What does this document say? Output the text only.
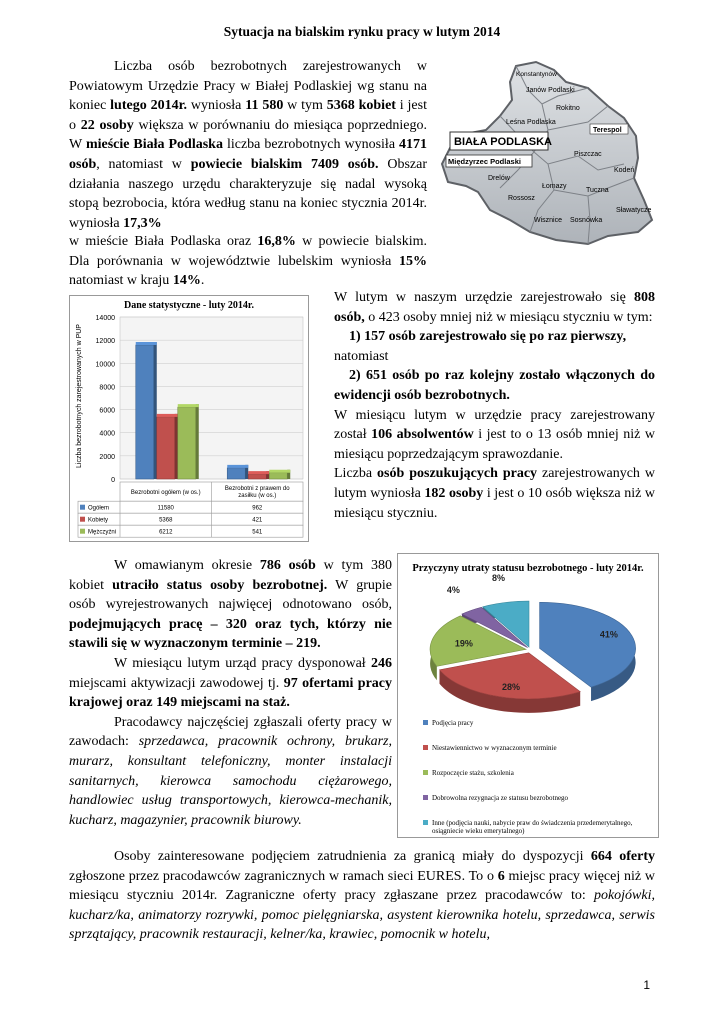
Sytuacja na bialskim rynku pracy w lutym 2014

Liczba osób bezrobotnych zarejestrowanych w Powiatowym Urzędzie Pracy w Białej Podlaskiej wg stanu na koniec lutego 2014r. wyniosła 11 580 w tym 5368 kobiet i jest o 22 osoby większa w porównaniu do miesiąca poprzedniego. W mieście Biała Podlaska liczba bezrobotnych wynosiła 4171 osób, natomiast w powiecie bialskim 7409 osób. Obszar działania naszego urzędu charakteryzuje się nadal wysoką stopą bezrobocia, która według stanu na koniec stycznia 2014r. wyniosła 17,3%

w mieście Biała Podlaska oraz 16,8% w powiecie bialskim. Dla porównania w województwie lubelskim wyniosła 15% natomiast w kraju 14%.

BIAŁA PODLASKA
Międzyrzec Podlaski
Konstantynów
Janów Podlaski
Rokitno
Leśna Podlaska
Terespol
Piszczac
Kodeń
Łomazy
Tuczna
Drelów
Rossosz
Wisznice Sosnówka
Sławatycze
Dane statystyczne - luty 2014r.
Liczba bezrobotnych zarejestrowanych w PUP
0
2000
4000
6000
8000
10000
12000
14000
Bezrobotni ogółem (w os.)
Bezrobotni z prawem do
zasiłku (w os.)
Ogółem	11580	962
Kobiety	5368	421
Mężczyźni	6212	541

W lutym w naszym urzędzie zarejestrowało się 808 osób, o 423 osoby mniej niż w miesiącu styczniu w tym:

1) 157 osób zarejestrowało się po raz pierwszy,

natomiast

2) 651 osób po raz kolejny zostało włączonych do ewidencji osób bezrobotnych.

W miesiącu lutym w urzędzie pracy zarejestrowany został 106 absolwentów i jest to o 13 osób mniej niż w miesiącu poprzedzającym sprawozdanie.

Liczba osób poszukujących pracy zarejestrowanych w lutym wyniosła 182 osoby i jest o 10 osób większa niż w miesiącu styczniu.

W omawianym okresie 786 osób w tym 380 kobiet utraciło status osoby bezrobotnej. W grupie osób wyrejestrowanych najwięcej odnotowano osób, podejmujących pracę – 320 oraz tych, którzy nie stawili się w wyznaczonym terminie – 219.

W miesiącu lutym urząd pracy dysponował 246 miejscami aktywizacji zawodowej tj. 97 ofertami pracy krajowej oraz 149 miejscami na staż.

Pracodawcy najczęściej zgłaszali oferty pracy w zawodach: sprzedawca, pracownik ochrony, brukarz, murarz, konsultant telefoniczny, monter instalacji sanitarnych, kierowca samochodu ciężarowego, handlowiec usług transportowych, kierowca-mechanik, kucharz, magazynier, pracownik biurowy.

Przyczyny utraty statusu bezrobotnego - luty 2014r.
41%
28%
19%
4%
8%
Podjęcia pracy
Niestawiennictwo w wyznaczonym terminie
Rozpoczęcie stażu, szkolenia
Dobrowolna rezygnacja ze statusu bezrobotnego
Inne (podjęcia nauki, nabycie praw do świadczenia przedemerytalnego, osiągniecie wieku emerytalnego)

Osoby zainteresowane podjęciem zatrudnienia za granicą miały do dyspozycji 664 oferty zgłoszone przez pracodawców zagranicznych w ramach sieci EURES. To o 6 miejsc pracy więcej niż w miesiącu styczniu 2014r. Zagraniczne oferty pracy zgłaszane przez pracodawców to: pokojówki, kucharz/ka, animatorzy rozrywki, pomoc pielęgniarska, asystent kierownika hotelu, sprzedawca, serwis sprzątający, pracownik restauracji, kelner/ka, krawiec, pomocnik w hotelu,

1
